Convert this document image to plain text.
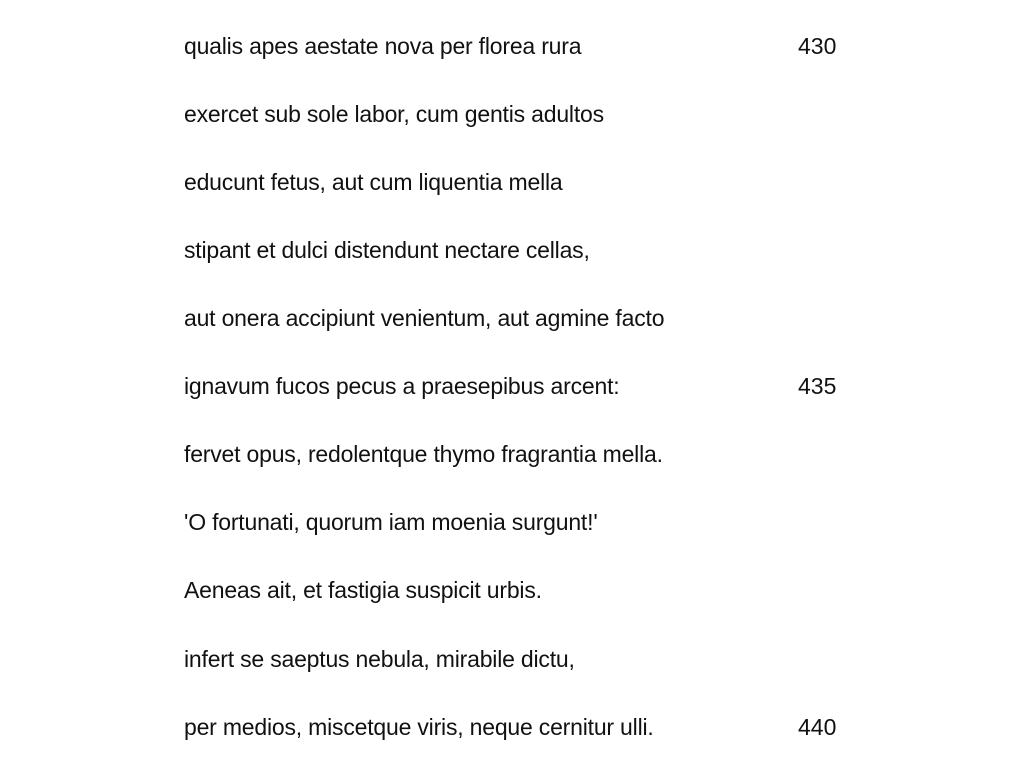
qualis apes aestate nova per florea rura	430
exercet sub sole labor, cum gentis adultos
educunt fetus, aut cum liquentia mella
stipant et dulci distendunt nectare cellas,
aut onera accipiunt venientum, aut agmine facto
ignavum fucos pecus a praesepibus arcent:	435
fervet opus, redolentque thymo fragrantia mella.
'O fortunati, quorum iam moenia surgunt!'
Aeneas ait, et fastigia suspicit urbis.
infert se saeptus nebula, mirabile dictu,
per medios, miscetque viris, neque cernitur ulli.	440
